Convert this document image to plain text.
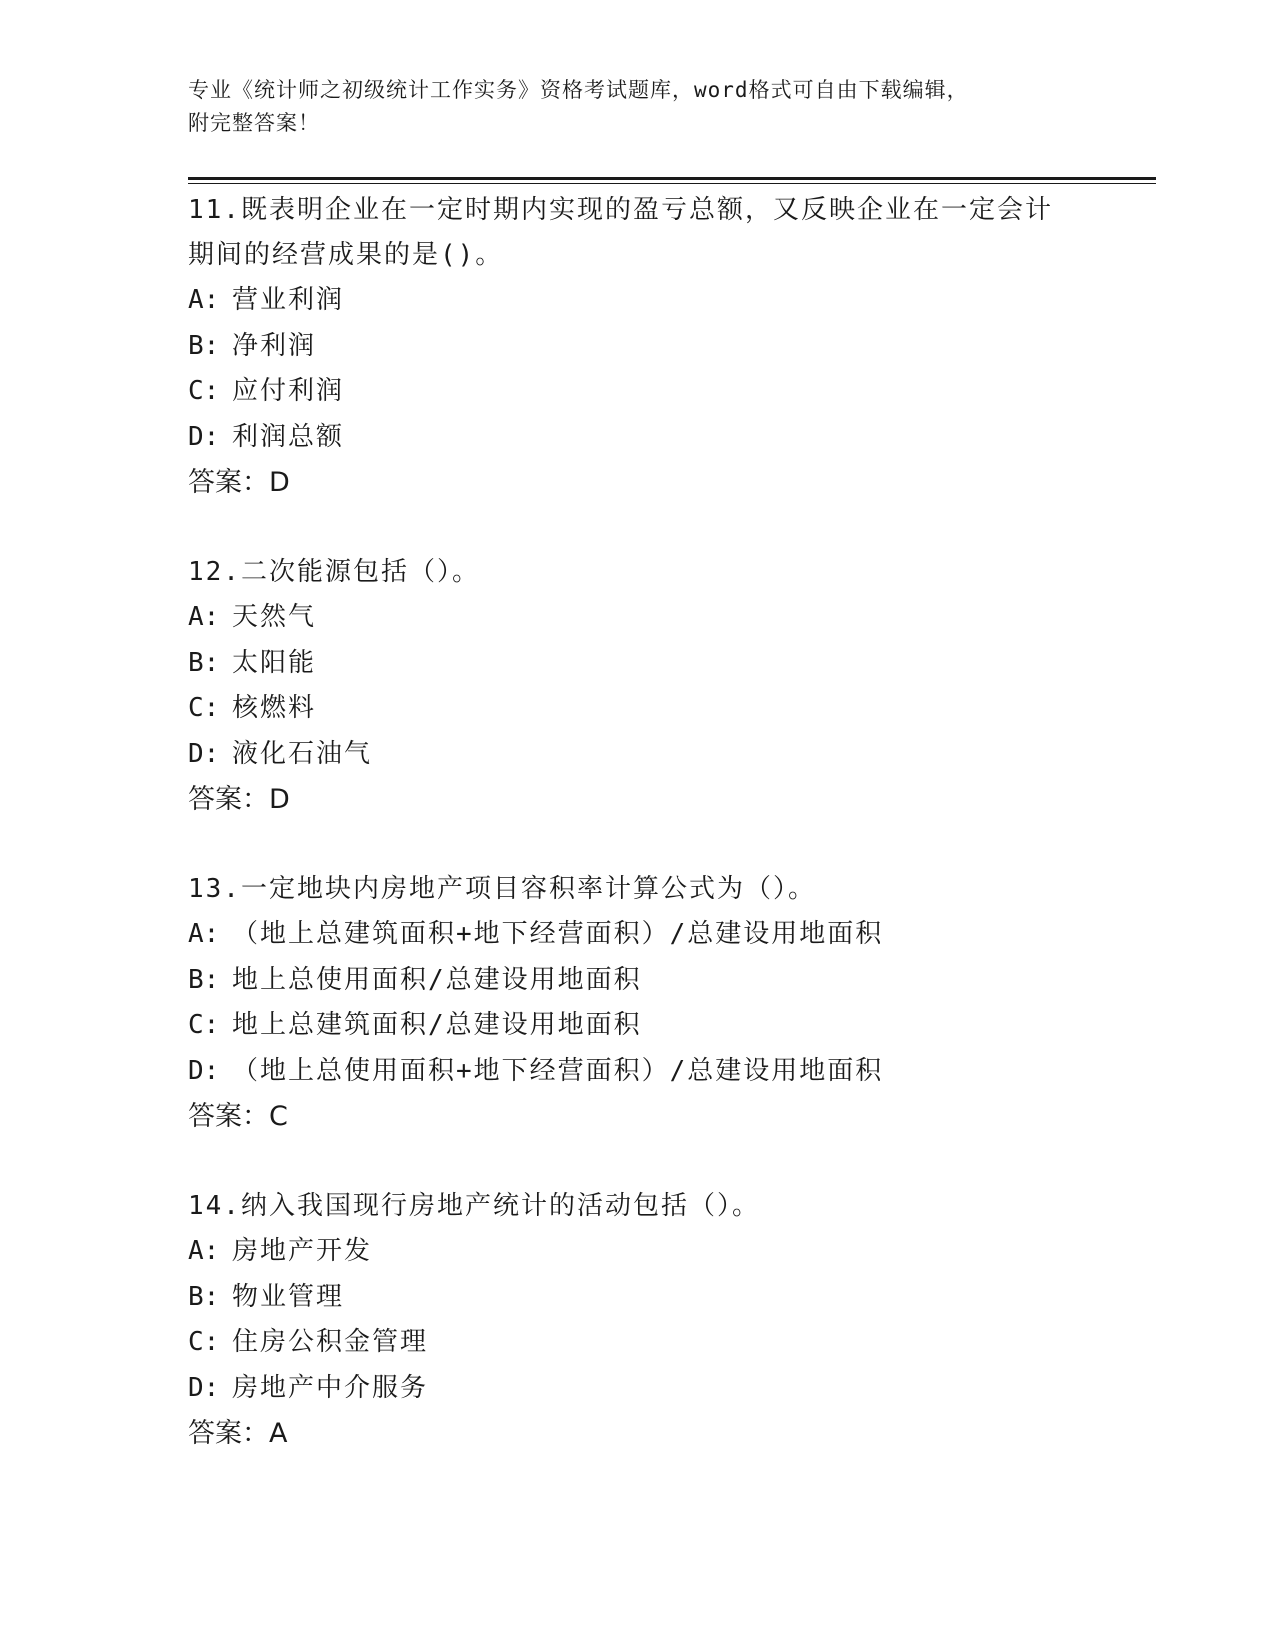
专业《统计师之初级统计工作实务》资格考试题库，word格式可自由下载编辑，
附完整答案！
11.既表明企业在一定时期内实现的盈亏总额，又反映企业在一定会计
期间的经营成果的是()。
A: 营业利润
B: 净利润
C: 应付利润
D: 利润总额
答案：D
12.二次能源包括（）。
A: 天然气
B: 太阳能
C: 核燃料
D: 液化石油气
答案：D
13.一定地块内房地产项目容积率计算公式为（）。
A: （地上总建筑面积+地下经营面积）/总建设用地面积
B: 地上总使用面积/总建设用地面积
C: 地上总建筑面积/总建设用地面积
D: （地上总使用面积+地下经营面积）/总建设用地面积
答案：C
14.纳入我国现行房地产统计的活动包括（）。
A: 房地产开发
B: 物业管理
C: 住房公积金管理
D: 房地产中介服务
答案：A
